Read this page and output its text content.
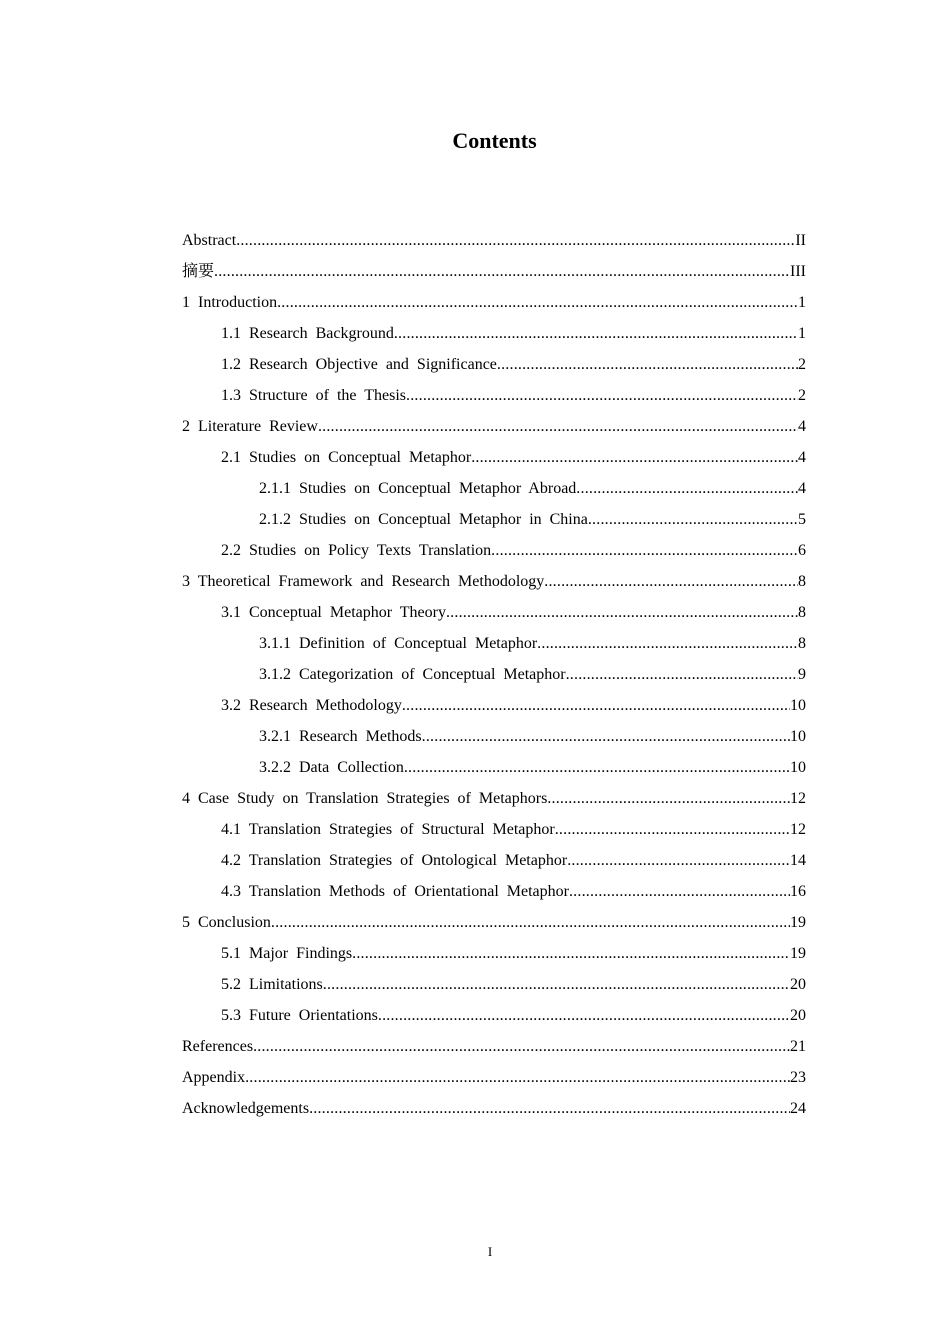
Contents
Abstract .....	II
摘要 .....	III
1 Introduction .....	1
1.1 Research Background .....	1
1.2 Research Objective and Significance .....	2
1.3 Structure of the Thesis .....	2
2 Literature Review .....	4
2.1 Studies on Conceptual Metaphor .....	4
2.1.1 Studies on Conceptual Metaphor Abroad .....	4
2.1.2 Studies on Conceptual Metaphor in China .....	5
2.2 Studies on Policy Texts Translation .....	6
3 Theoretical Framework and Research Methodology .....	8
3.1 Conceptual Metaphor Theory .....	8
3.1.1 Definition of Conceptual Metaphor .....	8
3.1.2 Categorization of Conceptual Metaphor .....	9
3.2 Research Methodology .....	10
3.2.1 Research Methods .....	10
3.2.2 Data Collection .....	10
4 Case Study on Translation Strategies of Metaphors .....	12
4.1 Translation Strategies of Structural Metaphor .....	12
4.2 Translation Strategies of Ontological Metaphor .....	14
4.3 Translation Methods of Orientational Metaphor .....	16
5 Conclusion .....	19
5.1 Major Findings .....	19
5.2 Limitations .....	20
5.3 Future Orientations .....	20
References .....	21
Appendix .....	23
Acknowledgements .....	24
I
